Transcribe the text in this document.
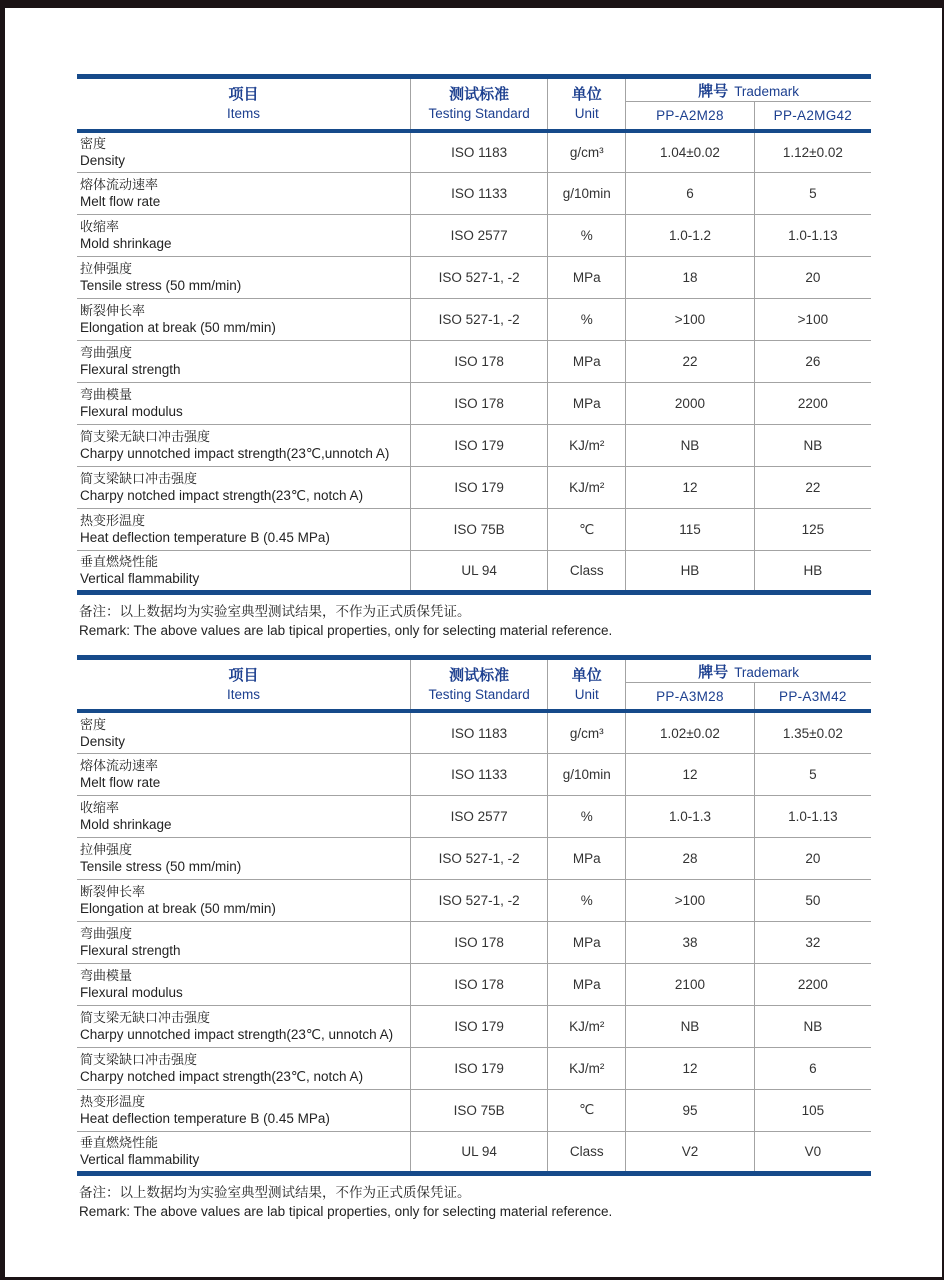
项目
Items

测试标准
Testing Standard

单位
Unit
	牌号 Trademark
			PP-A2M28	PP-A2MG42

密度
Density	ISO 1183	g/cm³	1.04±0.02	1.12±0.02

熔体流动速率
Melt flow rate	ISO 1133	g/10min	6	5

收缩率
Mold shrinkage	ISO 2577	%	1.0-1.2	1.0-1.13

拉伸强度
Tensile stress (50 mm/min)	ISO 527-1, -2	MPa	18	20

断裂伸长率
Elongation at break (50 mm/min)	ISO 527-1, -2	%	>100	>100

弯曲强度
Flexural strength	ISO 178	MPa	22	26

弯曲模量
Flexural modulus	ISO 178	MPa	2000	2200

简支梁无缺口冲击强度
Charpy unnotched impact strength(23℃,unnotch A)	ISO 179	KJ/m²	NB	NB

简支梁缺口冲击强度
Charpy notched impact strength(23℃, notch A)	ISO 179	KJ/m²	12	22

热变形温度
Heat deflection temperature B (0.45 MPa)	ISO 75B	℃	115	125

垂直燃烧性能
Vertical flammability	UL 94	Class	HB	HB
备注：以上数据均为实验室典型测试结果，不作为正式质保凭证。
Remark: The above values are lab tipical properties, only for selecting material reference.
项目
Items

测试标准
Testing Standard

单位
Unit
	牌号 Trademark
			PP-A3M28	PP-A3M42

密度
Density	ISO 1183	g/cm³	1.02±0.02	1.35±0.02

熔体流动速率
Melt flow rate	ISO 1133	g/10min	12	5

收缩率
Mold shrinkage	ISO 2577	%	1.0-1.3	1.0-1.13

拉伸强度
Tensile stress (50 mm/min)	ISO 527-1, -2	MPa	28	20

断裂伸长率
Elongation at break (50 mm/min)	ISO 527-1, -2	%	>100	50

弯曲强度
Flexural strength	ISO 178	MPa	38	32

弯曲模量
Flexural modulus	ISO 178	MPa	2100	2200

简支梁无缺口冲击强度
Charpy unnotched impact strength(23℃, unnotch A)	ISO 179	KJ/m²	NB	NB

简支梁缺口冲击强度
Charpy notched impact strength(23℃, notch A)	ISO 179	KJ/m²	12	6

热变形温度
Heat deflection temperature B (0.45 MPa)	ISO 75B	℃	95	105

垂直燃烧性能
Vertical flammability	UL 94	Class	V2	V0
备注：以上数据均为实验室典型测试结果，不作为正式质保凭证。
Remark: The above values are lab tipical properties, only for selecting material reference.
